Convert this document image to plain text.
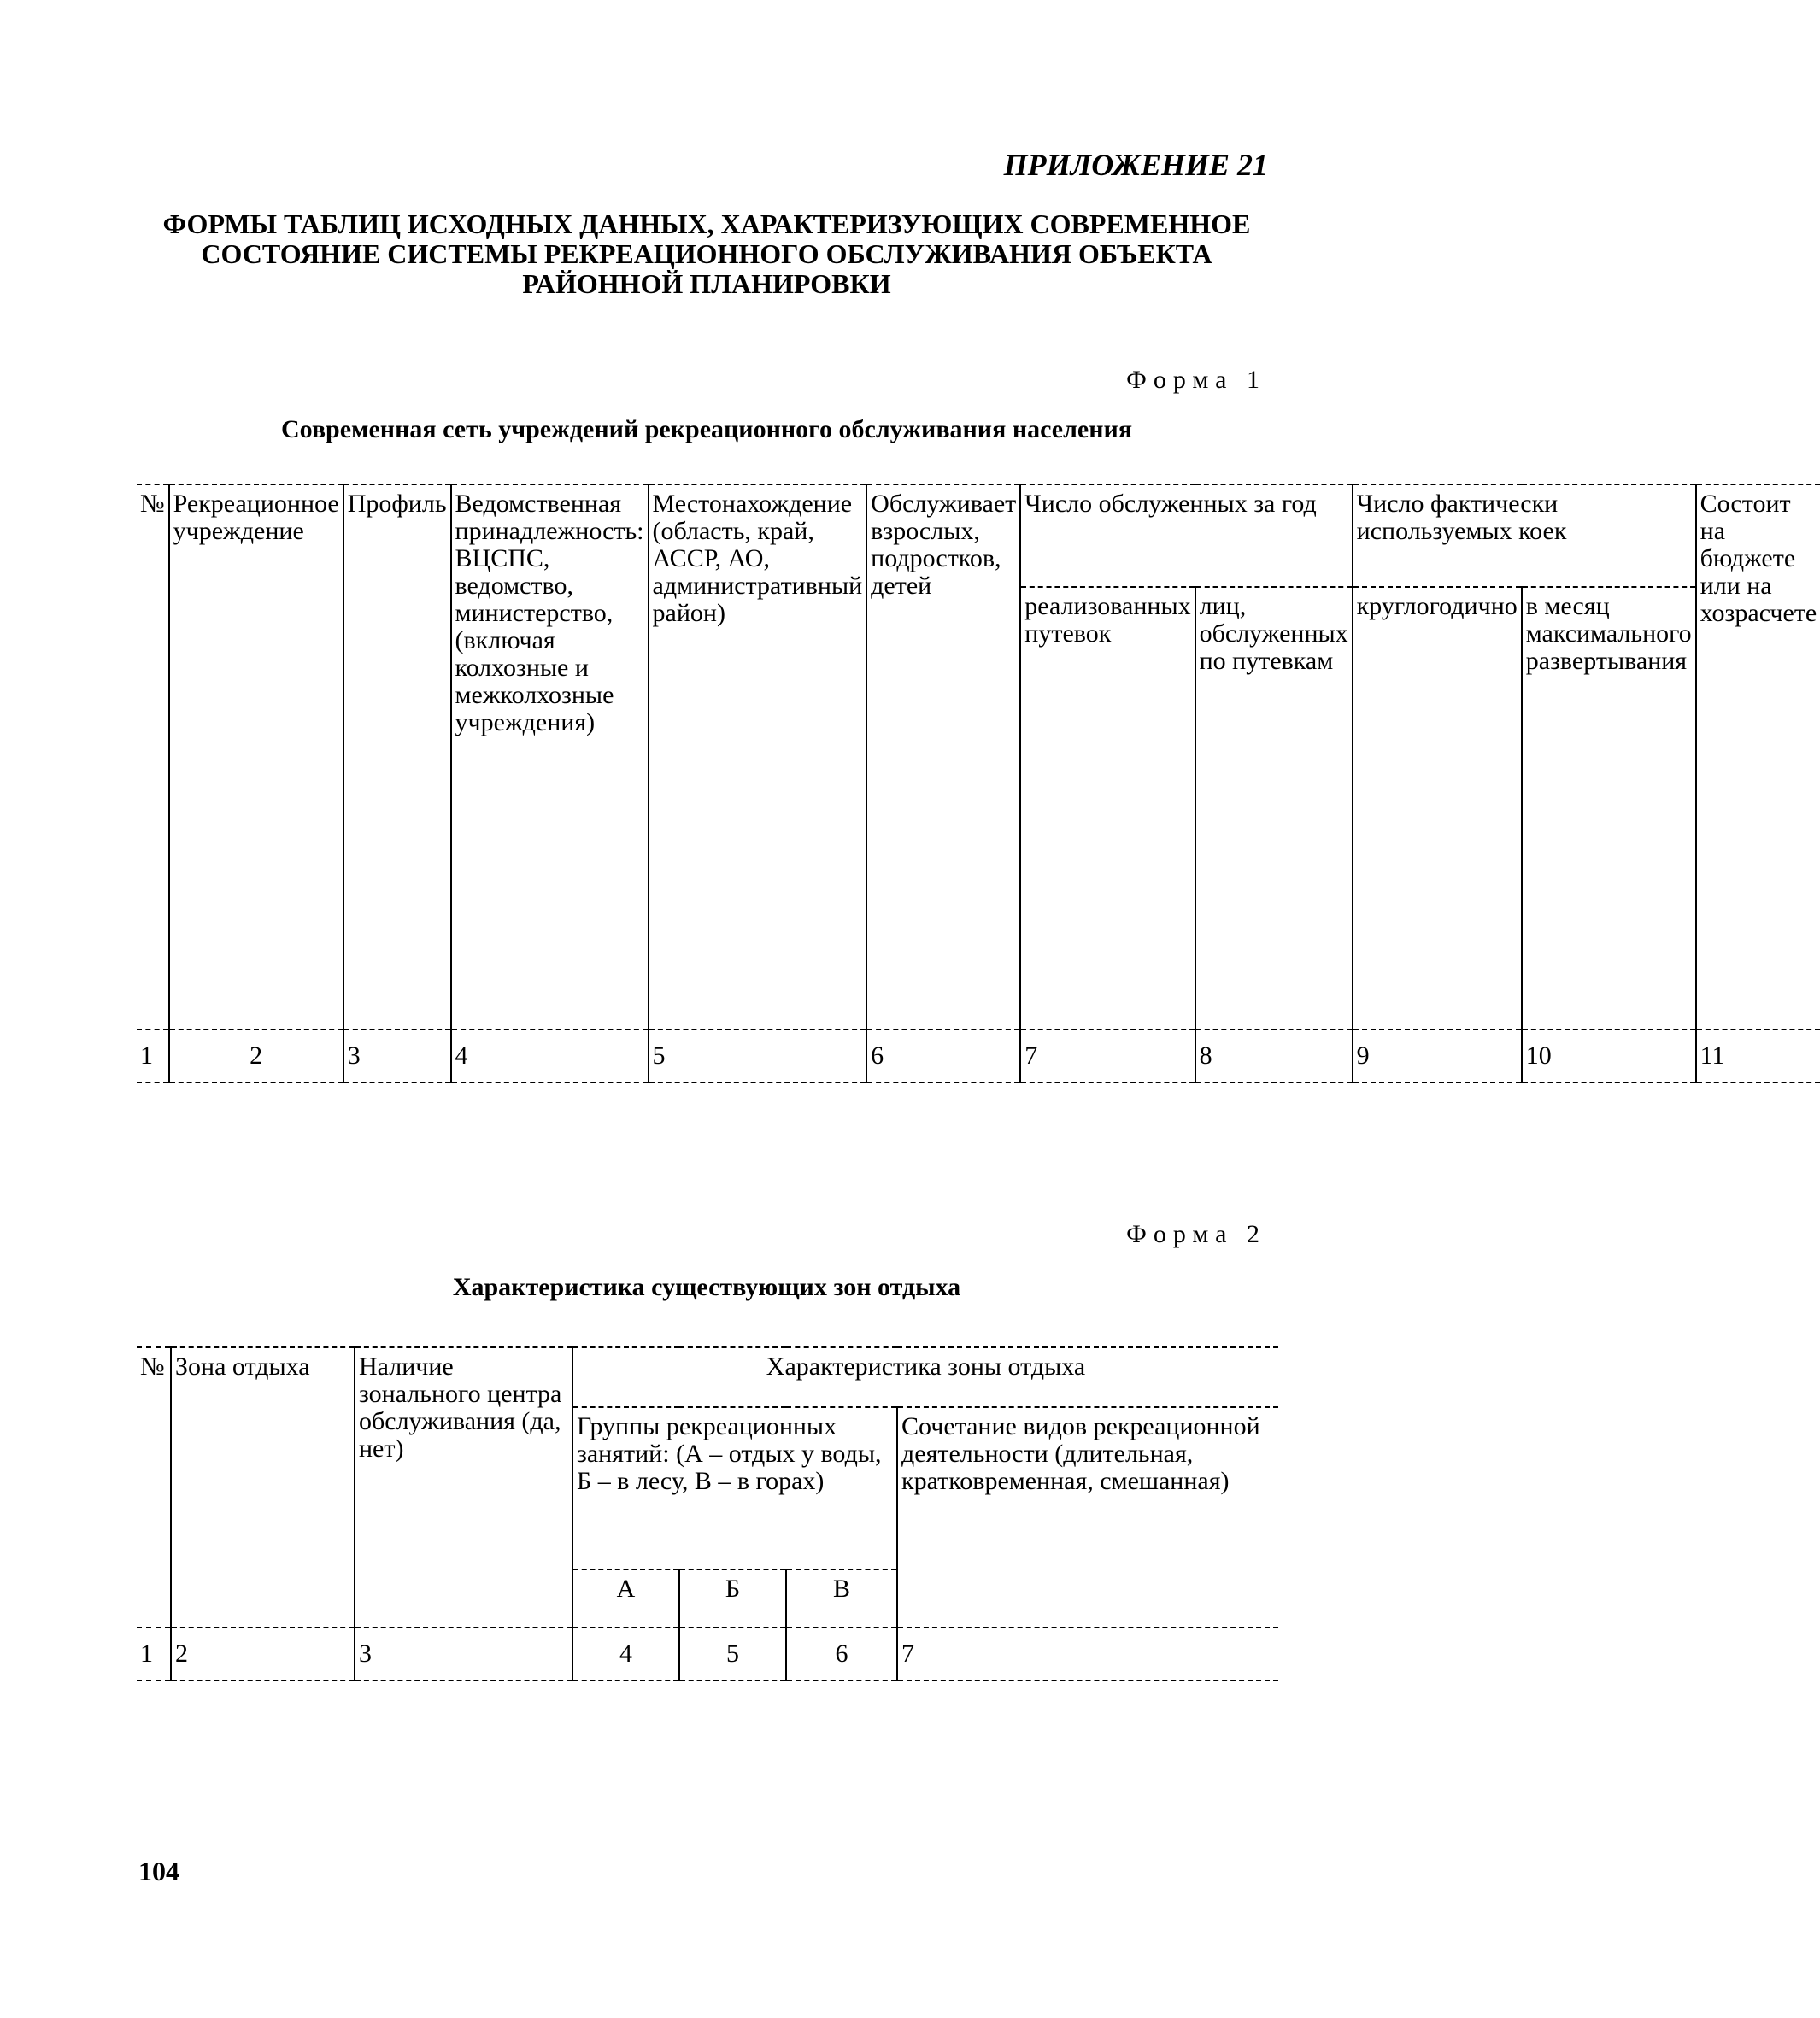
ПРИЛОЖЕНИЕ 21
ФОРМЫ ТАБЛИЦ ИСХОДНЫХ ДАННЫХ, ХАРАКТЕРИЗУЮЩИХ СОВРЕМЕННОЕ СОСТОЯНИЕ СИСТЕМЫ РЕКРЕАЦИОННОГО ОБСЛУЖИВАНИЯ ОБЪЕКТА РАЙОННОЙ ПЛАНИРОВКИ
Форма 1
Современная сеть учреждений рекреационного обслуживания населения
№	Рекреационное учреждение	Профиль	Ведомственная принадлежность: ВЦСПС, ведомство, министерство, (включая колхозные и межколхозные учреждения)	Местонахождение (область, край, АССР, АО, административный район)	Обслуживает взрослых, подростков, детей	Число обслуженных за год		Число фактически используемых коек		Состоит на бюджете или на хозрасчете
						реализованных путевок	лиц, обслуженных по путевкам	круглогодично	в месяц максимального развертывания	
1	2	3	4	5	6	7	8	9	10	11
Форма 2
Характеристика существующих зон отдыха
№	Зона отдыха	Наличие зонального центра обслуживания (да, нет)	Характеристика зоны отдыха			
			Группы рекреационных занятий: (А – отдых у воды, Б – в лесу, В – в горах)			Сочетание видов рекреационной деятельности (длительная, кратковременная, смешанная)
			А	Б	В	
1	2	3	4	5	6	7
104
